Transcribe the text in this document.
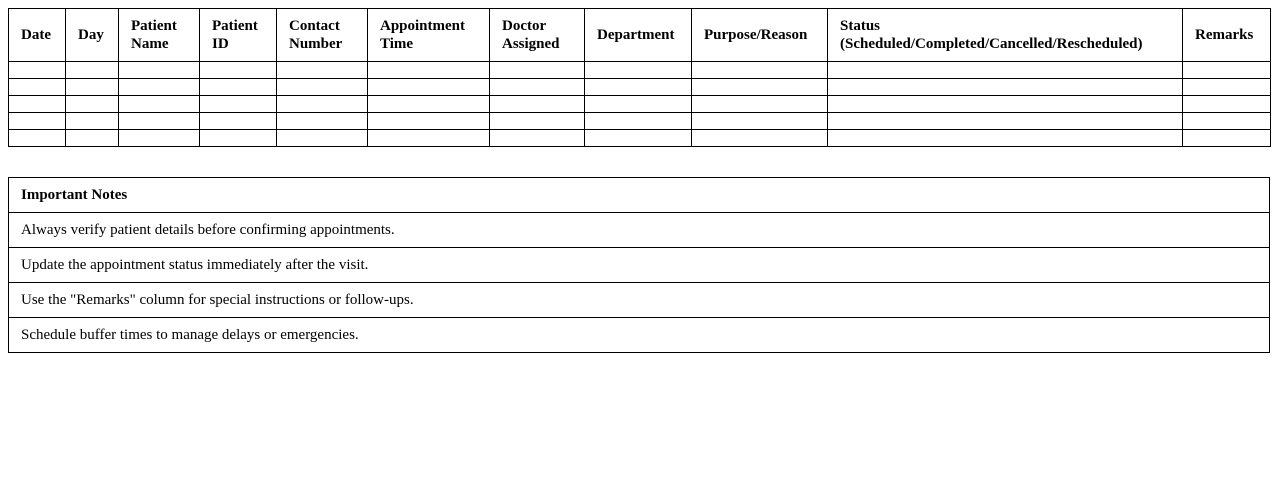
Date	Day	Patient Name	Patient ID	Contact Number	Appointment Time	Doctor Assigned	Department	Purpose/Reason	Status (Scheduled/Completed/Cancelled/Rescheduled)	Remarks

Important Notes
Always verify patient details before confirming appointments.
Update the appointment status immediately after the visit.
Use the "Remarks" column for special instructions or follow-ups.
Schedule buffer times to manage delays or emergencies.
